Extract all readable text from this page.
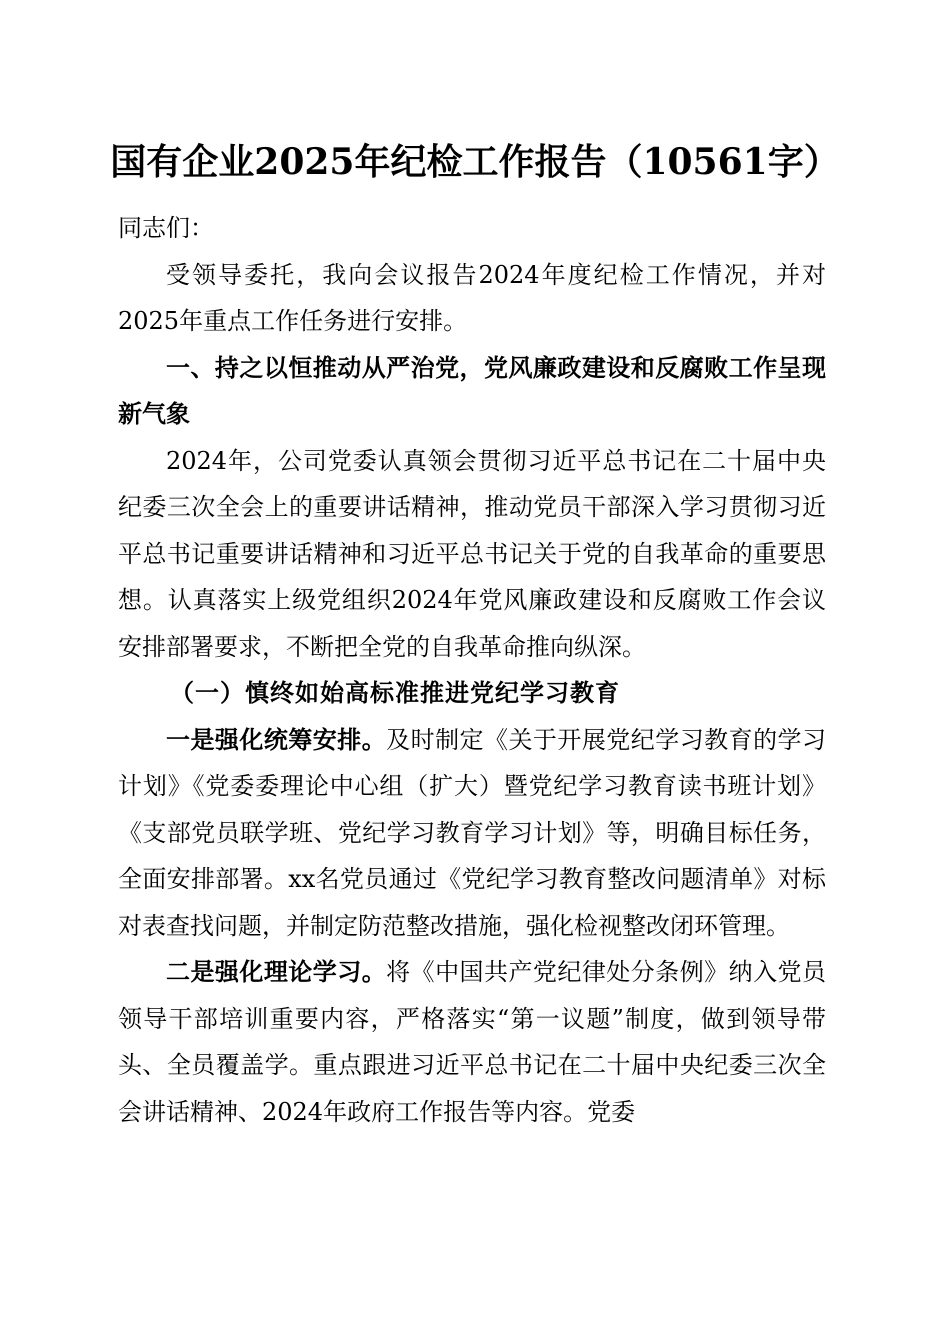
国有企业2025年纪检工作报告（10561字）

同志们：

受领导委托，我向会议报告2024年度纪检工作情况，并对2025年重点工作任务进行安排。

一、持之以恒推动从严治党，党风廉政建设和反腐败工作呈现新气象

2024年，公司党委认真领会贯彻习近平总书记在二十届中央纪委三次全会上的重要讲话精神，推动党员干部深入学习贯彻习近平总书记重要讲话精神和习近平总书记关于党的自我革命的重要思想。认真落实上级党组织2024年党风廉政建设和反腐败工作会议安排部署要求，不断把全党的自我革命推向纵深。

（一）慎终如始高标准推进党纪学习教育

一是强化统筹安排。及时制定《关于开展党纪学习教育的学习计划》《党委委理论中心组（扩大）暨党纪学习教育读书班计划》《支部党员联学班、党纪学习教育学习计划》等，明确目标任务，全面安排部署。xx名党员通过《党纪学习教育整改问题清单》对标对表查找问题，并制定防范整改措施，强化检视整改闭环管理。

二是强化理论学习。将《中国共产党纪律处分条例》纳入党员领导干部培训重要内容，严格落实“第一议题”制度，做到领导带头、全员覆盖学。重点跟进习近平总书记在二十届中央纪委三次全会讲话精神、2024年政府工作报告等内容。党委
